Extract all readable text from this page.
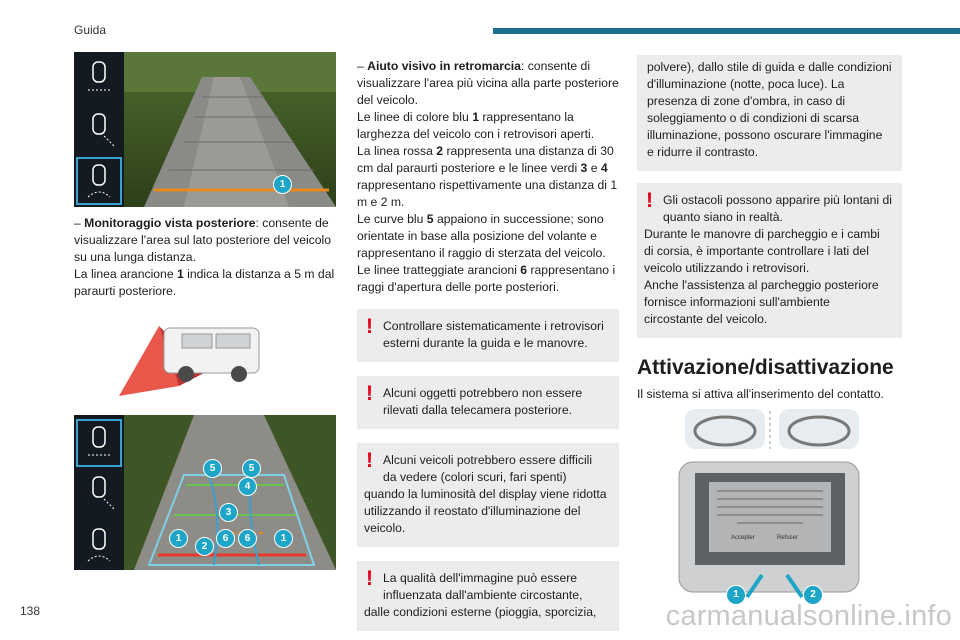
Guida
1

– Monitoraggio vista posteriore: consente de visualizzare l'area sul lato posteriore del veicolo su una lunga distanza.
La linea arancione 1 indica la distanza a 5 m dal paraurti posteriore.

5	5
4
3
1
2
6	6	1

– Aiuto visivo in retromarcia: consente di visualizzare l'area più vicina alla parte posteriore del veicolo.
Le linee di colore blu 1 rappresentano la larghezza del veicolo con i retrovisori aperti.
La linea rossa 2 rappresenta una distanza di 30 cm dal paraurti posteriore e le linee verdi 3 e 4 rappresentano rispettivamente una distanza di 1 m e 2 m.
Le curve blu 5 appaiono in successione; sono orientate in base alla posizione del volante e rappresentano il raggio di sterzata del veicolo.
Le linee tratteggiate arancioni 6 rappresentano i raggi d'apertura delle porte posteriori.

! Controllare sistematicamente i retrovisori esterni durante la guida e le manovre.
! Alcuni oggetti potrebbero non essere rilevati dalla telecamera posteriore.
! Alcuni veicoli potrebbero essere difficili da vedere (colori scuri, fari spenti)
quando la luminosità del display viene ridotta utilizzando il reostato d'illuminazione del veicolo.
! La qualità dell'immagine può essere influenzata dall'ambiente circostante,
dalle condizioni esterne (pioggia, sporcizia,
polvere), dallo stile di guida e dalle condizioni d'illuminazione (notte, poca luce). La presenza di zone d'ombra, in caso di soleggiamento o di condizioni di scarsa illuminazione, possono oscurare l'immagine e ridurre il contrasto.
! Gli ostacoli possono apparire più lontani di quanto siano in realtà.
Durante le manovre di parcheggio e i cambi di corsia, è importante controllare i lati del veicolo utilizzando i retrovisori.
Anche l'assistenza al parcheggio posteriore fornisce informazioni sull'ambiente circostante del veicolo.
Attivazione/disattivazione

Il sistema si attiva all'inserimento del contatto.

Accepter	Refuser
1	2
138	carmanualsonline.info
